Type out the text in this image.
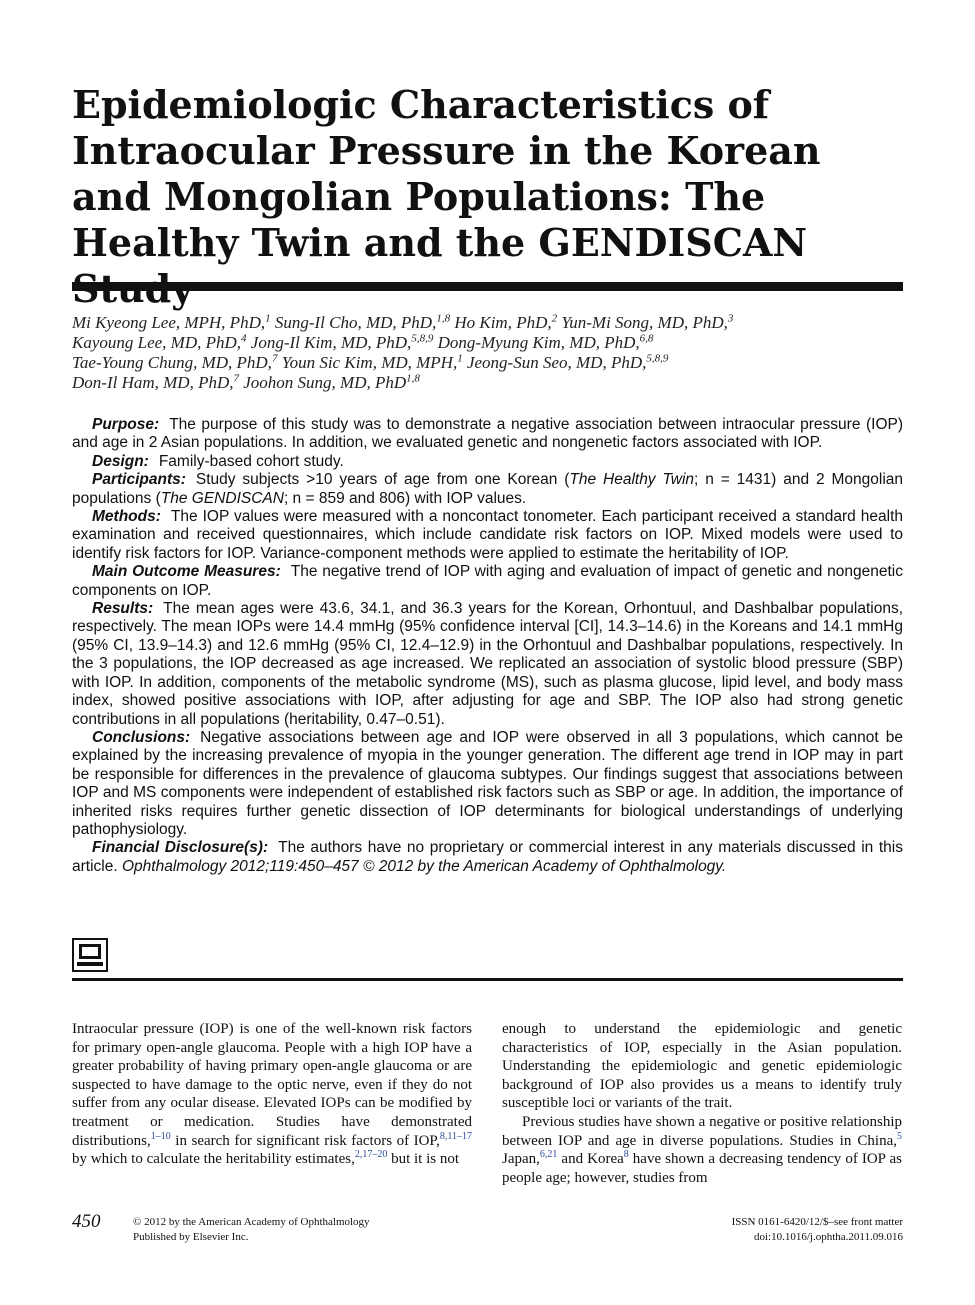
Epidemiologic Characteristics of Intraocular Pressure in the Korean and Mongolian Populations: The Healthy Twin and the GENDISCAN
Mi Kyeong Lee, MPH, PhD,$^1$ Sung-Il Cho, MD, PhD,$^{1,8}$ Ho Kim, PhD,$^2$ Yun-Mi Song, MD, PhD,$^3$
Kayoung Lee, MD, PhD,$^4$ Jong-Il Kim, MD, PhD,$^{5,8,9}$ Dong-Myung Kim, MD, PhD,$^{6,8}$
Tae-Young Chung, MD, PhD,$^7$ Youn Sic Kim, MD, MPH,$^1$ Jeong-Sun Seo, MD, PhD,$^{5,8,9}$
Don-Il Ham, MD, PhD,$^7$ Joohon Sung, MD, PhD$^{1,8}$

Purpose: The purpose of this study was to demonstrate a negative association between intraocular pressure (IOP) and age in 2 Asian populations. In addition, we evaluated genetic and nongenetic factors associated with IOP.

Design: Family-based cohort study.

Participants: Study subjects >10 years of age from one Korean (The Healthy Twin; n = 1431) and 2 Mongolian populations (The GENDISCAN; n = 859 and 806) with IOP values.

Methods: The IOP values were measured with a noncontact tonometer. Each participant received a standard health examination and received questionnaires, which include candidate risk factors on IOP. Mixed models were used to identify risk factors for IOP. Variance-component methods were applied to estimate the heritability of IOP.

Main Outcome Measures: The negative trend of IOP with aging and evaluation of impact of genetic and nongenetic components on IOP.

Results: The mean ages were 43.6, 34.1, and 36.3 years for the Korean, Orhontuul, and Dashbalbar populations, respectively. The mean IOPs were 14.4 mmHg (95% confidence interval [CI], 14.3–14.6) in the Koreans and 14.1 mmHg (95% CI, 13.9–14.3) and 12.6 mmHg (95% CI, 12.4–12.9) in the Orhontuul and Dashbalbar populations, respectively. In the 3 populations, the IOP decreased as age increased. We replicated an association of systolic blood pressure (SBP) with IOP. In addition, components of the metabolic syndrome (MS), such as plasma glucose, lipid level, and body mass index, showed positive associations with IOP, after adjusting for age and SBP. The IOP also had strong genetic contributions in all populations (heritability, 0.47–0.51).

Conclusions: Negative associations between age and IOP were observed in all 3 populations, which cannot be explained by the increasing prevalence of myopia in the younger generation. The different age trend in IOP may in part be responsible for differences in the prevalence of glaucoma subtypes. Our findings suggest that associations between IOP and MS components were independent of established risk factors such as SBP or age. In addition, the importance of inherited risks requires further genetic dissection of IOP determinants for biological understandings of underlying pathophysiology.

Financial Disclosure(s): The authors have no proprietary or commercial interest in any materials discussed in this article. Ophthalmology 2012;119:450–457 © 2012 by the American Academy of Ophthalmology.

Intraocular pressure (IOP) is one of the well-known risk factors for primary open-angle glaucoma. People with a high IOP have a greater probability of having primary open-angle glaucoma or are suspected to have damage to the optic nerve, even if they do not suffer from any ocular disease. Elevated IOPs can be modified by treatment or medication. Studies have demonstrated distributions,$^{1-10}$ in search for significant risk factors of IOP,$^{8,11-17}$ by which to calculate the heritability estimates,$^{2,17-20}$ but it is not

enough to understand the epidemiologic and genetic characteristics of IOP, especially in the Asian population. Understanding the epidemiologic and genetic epidemiologic background of IOP also provides us a means to identify truly susceptible loci or variants of the trait.

Previous studies have shown a negative or positive relationship between IOP and age in diverse populations. Studies in China,$^5$ Japan,$^{6,21}$ and Korea$^8$ have shown a decreasing tendency of IOP as people age; however, studies from

450	© 2012 by the American Academy of Ophthalmology
Published by Elsevier Inc.
ISSN 0161-6420/12/$–see front matter
doi:10.1016/j.ophtha.2011.09.016
